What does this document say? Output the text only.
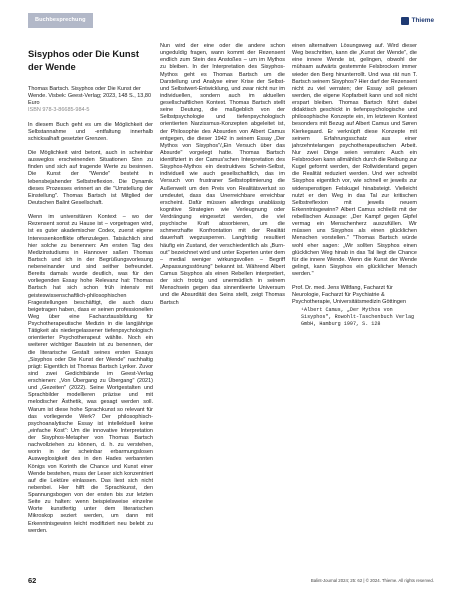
Buchbesprechung	Thieme
Sisyphos oder Die Kunst der Wende

Thomas Bartsch. Sisyphos oder Die Kunst der Wende. Visbek: Geest-Verlag; 2023, 148 S., 13,80 Euro

ISBN 978-3-86685-984-5

In diesem Buch geht es um die Möglichkeit der Selbstannahme und -entfaltung innerhalb schicksalhaft gesetzter Grenzen.

Die Möglichkeit wird betont, auch in scheinbar ausweglos erscheinenden Situationen Sinn zu finden und sich auf tragende Werte zu besinnen. Die Kunst der "Wende" besteht in lebensbejahender Selbstreflexion. Die Dynamik dieses Prozesses erinnert an die "Umstellung der Einstellung". Thomas Bartsch ist Mitglied der Deutschen Balint Gesellschaft.

Wenn im universitären Kontext – wo der Rezensent sonst zu Hause ist – vorgetragen wird, ist es guter akademischer Codex, zuerst eigene Interessenkonflikte offenzulegen. Tatsächlich sind hier solche zu benennen: Am ersten Tag des Medizinstudiums in Hannover saßen Thomas Bartsch und ich in der Begrüßungsvorlesung nebeneinander und sind seither befreundet. Bereits damals wurde deutlich, was für den vorliegenden Essay hohe Relevanz hat: Thomas Bartsch hat sich schon früh intensiv mit geisteswissenschaftlich-philosophischen Fragestellungen beschäftigt, die auch dazu beigetragen haben, dass er seinen professionellen Weg über eine Facharztausbildung für Psychotherapeutische Medizin in die langjährige Tätigkeit als niedergelassener tiefenpsychologisch orientierter Psychotherapeut wählte. Noch ein weiterer wichtiger Baustein ist zu benennen, der die literarische Gestalt seines ersten Essays „Sisyphos oder Die Kunst der Wende" nachhaltig prägt: Eigentlich ist Thomas Bartsch Lyriker. Zuvor sind zwei Gedichtbände im Geest-Verlag erschienen: „Von Übergang zu Übergang" (2021) und „Gezeiten" (2022). Seine Wortgestalten und Sprachbilder modellieren präzise und mit melodischer Ästhetik, was gesagt werden soll. Warum ist diese hohe Sprachkunst so relevant für das vorliegende Werk? Der philosophisch-psychoanalytische Essay ist intellektuell keine „einfache Kost": Um die innovative Interpretation der Sisyphos-Metapher von Thomas Bartsch nachvollziehen zu können, d. h. zu verstehen, worin in der scheinbar erbarmungslosen Ausweglosigkeit des in den Hades verbannten Königs von Korinth die Chance und Kunst einer Wende bestehen, muss der Leser sich konzentriert auf die Lektüre einlassen. Das liest sich nicht nebenbei. Hier hilft die Sprachkunst, den Spannungsbogen von der ersten bis zur letzten Seite zu halten: wenn beispielsweise einzelne Worte kunstfertig unter dem literarischen Mikroskop seziert werden, um dann mit Erkenntnisgewinn leicht modifiziert neu belebt zu werden.

Nun wird der eine oder die andere schon ungeduldig fragen, wann kommt der Rezensent endlich zum Stein des Anstoßes – um im Mythos zu bleiben. In der Interpretation des Sisyphos-Mythos geht es Thomas Bartsch um die Darstellung und Analyse einer Krise der Selbst- und Selbstwert-Entwicklung, und zwar nicht nur im individuellen, sondern auch im aktuellen gesellschaftlichen Kontext. Thomas Bartsch stellt seine Deutung, die maßgeblich von der Selbstpsychologie und tiefenpsychologisch orientierten Narzissmus-Konzepten abgeleitet ist, der Philosophie des Absurden von Albert Camus entgegen, die dieser 1942 in seinem Essay „Der Mythos von Sisyphos"/„Ein Versuch über das Absurde" vorgelegt hatte. Thomas Bartsch identifiziert in der Camus'schen Interpretation des Sisyphos-Mythos ein destruktives Schein-Selbst, individuell wie auch gesellschaftlich, das im Versuch von frustraner Selbstoptimierung die Außenwelt um den Preis von Realitätsverlust so umdeutet, dass das Unerreichbare erreichbar erscheint. Dafür müssen allerdings unablässig kognitive Strategien wie Verleugnung oder Verdrängung eingesetzt werden, die viel psychische Kraft absorbieren, um die schmerzhafte Konfrontation mit der Realität dauerhaft wegzusperren. Langfristig resultiert häufig ein Zustand, der verschiedentlich als „Burn-out" bezeichnet wird und unter Experten unter dem – medial weniger wirkungsvollen – Begriff „Anpassungsstörung" bekannt ist. Während Albert Camus Sisyphos als einen Rebellen interpretiert, der sich trotzig und unermüdlich in seinem Menschsein gegen das sinnentleerte Universum und die Absurdität des Seins stellt, zeigt Thomas Bartsch

einen alternativen Lösungsweg auf. Wird dieser Weg beschritten, kann die „Kunst der Wende", die eine innere Wende ist, gelingen, obwohl der mühsam aufwärts gestemmte Felsbrocken immer wieder den Berg hinunterrollt. Und was rät nun T. Bartsch seinem Sisyphos? Hier darf der Rezensent nicht zu viel verraten; der Essay soll gelesen werden, die eigene Kopfarbeit kann und soll nicht erspart bleiben. Thomas Bartsch führt dabei didaktisch geschickt in tiefenpsychologische und philosophische Konzepte ein, im letzteren Kontext besonders mit Bezug auf Albert Camus und Søren Kierkegaard. Er verknüpft diese Konzepte mit seinem Erfahrungsschatz aus einer jahrzehntelangen psychotherapeutischen Arbeit. Nur zwei Dinge seien verraten: Auch ein Felsbrocken kann allmählich durch die Reibung zur Kugel geformt werden, der Rollwiderstand gegen die Realität reduziert werden. Und wer schreibt Sisyphos eigentlich vor, wie schnell er jeweils zur widerspenstigen Felskugel hinabsteigt. Vielleicht nutzt er den Weg in das Tal zur kritischen Selbstreflexion mit jeweils neuem Erkenntnisgewinn? Albert Camus schließt mit der rebellischen Aussage: „Der Kampf gegen Gipfel vermag ein Menschenherz auszufüllen. Wir müssen uns Sisyphos als einen glücklichen Menschen vorstellen." "Thomas Bartsch würde wohl eher sagen: „Wir sollten Sisyphos einen glücklichen Weg hinab in das Tal liegt die Chance für die innere Wende. Wenn die Kunst der Wende gelingt, kann Sisyphos ein glücklicher Mensch werden."

Prof. Dr. med. Jens Wiltfang, Facharzt für Neurologie, Facharzt für Psychiatrie & Psychotherapie, Universitätsmedizin Göttingen

¹Albert Camus, „Der Mythos von Sisyphos", Rowohlt-Taschenbuch Verlag GmbH, Hamburg 1997, S. 128

62	Balint-Journal 2024; 25: 62 | © 2024. Thieme. All rights reserved.
